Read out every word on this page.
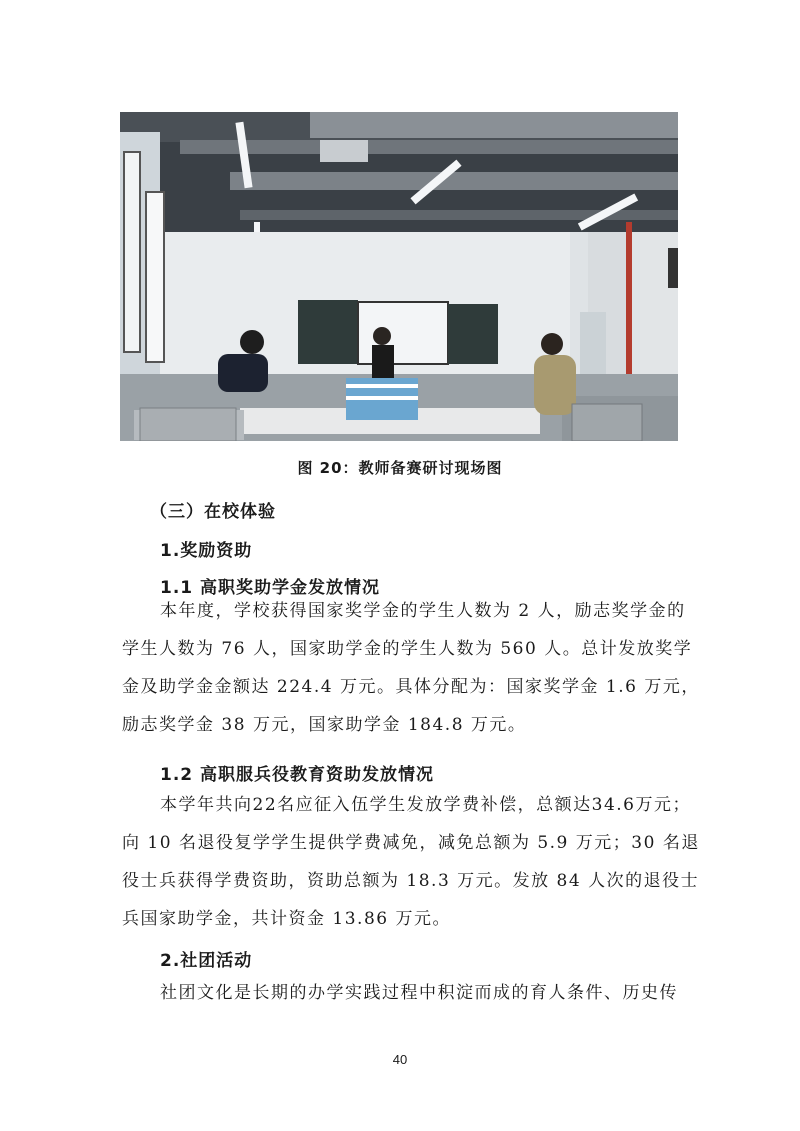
图 20：教师备赛研讨现场图
（三）在校体验
1.奖励资助
1.1 高职奖助学金发放情况
本年度，学校获得国家奖学金的学生人数为 2 人，励志奖学金的
学生人数为 76 人，国家助学金的学生人数为 560 人。总计发放奖学
金及助学金金额达 224.4 万元。具体分配为：国家奖学金 1.6 万元，
励志奖学金 38 万元，国家助学金 184.8 万元。
1.2 高职服兵役教育资助发放情况
本学年共向22名应征入伍学生发放学费补偿，总额达34.6万元；
向 10 名退役复学学生提供学费减免，减免总额为 5.9 万元；30 名退
役士兵获得学费资助，资助总额为 18.3 万元。发放 84 人次的退役士
兵国家助学金，共计资金 13.86 万元。
2.社团活动
社团文化是长期的办学实践过程中积淀而成的育人条件、历史传
40
